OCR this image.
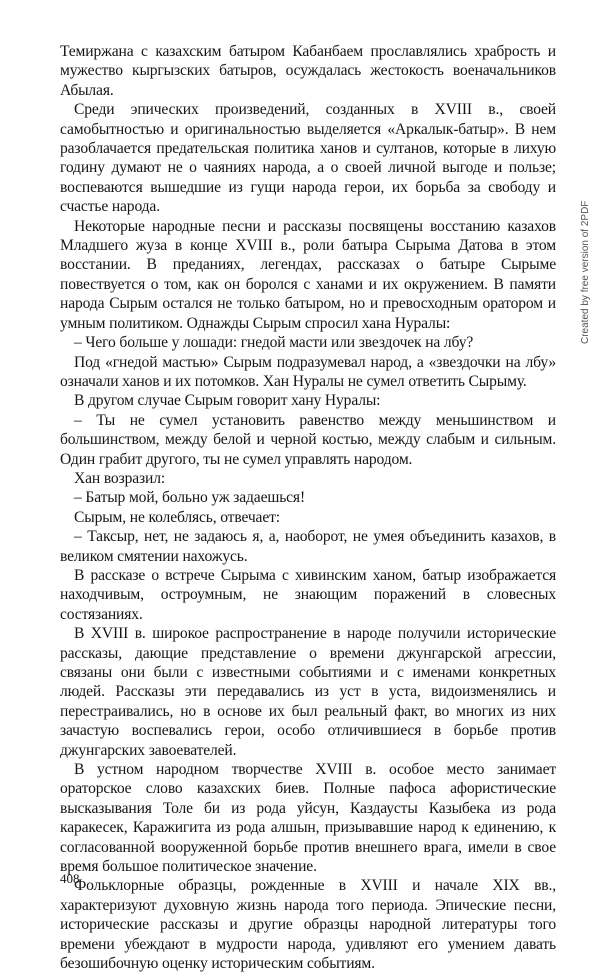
Темиржана с казахским батыром Кабанбаем прославлялись храбрость и мужество кыргызских батыров, осуждалась жестокость военачальников Абылая.

Среди эпических произведений, созданных в XVIII в., своей самобытностью и оригинальностью выделяется «Аркалык-батыр». В нем разоблачается предательская политика ханов и султанов, которые в лихую годину думают не о чаяниях народа, а о своей личной выгоде и пользе; воспеваются вышедшие из гущи народа герои, их борьба за свободу и счастье народа.

Некоторые народные песни и рассказы посвящены восстанию казахов Младшего жуза в конце XVIII в., роли батыра Сырыма Датова в этом восстании. В преданиях, легендах, рассказах о батыре Сырыме повествуется о том, как он боролся с ханами и их окружением. В памяти народа Сырым остался не только батыром, но и превосходным оратором и умным политиком. Однажды Сырым спросил хана Нуралы:

– Чего больше у лошади: гнедой масти или звездочек на лбу?

Под «гнедой мастью» Сырым подразумевал народ, а «звездочки на лбу» означали ханов и их потомков. Хан Нуралы не сумел ответить Сырыму.

В другом случае Сырым говорит хану Нуралы:

– Ты не сумел установить равенство между меньшинством и большинством, между белой и черной костью, между слабым и сильным. Один грабит другого, ты не сумел управлять народом.

Хан возразил:

– Батыр мой, больно уж задаешься!

Сырым, не колеблясь, отвечает:

– Таксыр, нет, не задаюсь я, а, наоборот, не умея объединить казахов, в великом смятении нахожусь.

В рассказе о встрече Сырыма с хивинским ханом, батыр изображается находчивым, остроумным, не знающим поражений в словесных состязаниях.

В XVIII в. широкое распространение в народе получили исторические рассказы, дающие представление о времени джунгарской агрессии, связаны они были с известными событиями и с именами конкретных людей. Рассказы эти передавались из уст в уста, видоизменялись и перестраивались, но в основе их был реальный факт, во многих из них зачастую воспевались герои, особо отличившиеся в борьбе против джунгарских завоевателей.

В устном народном творчестве XVIII в. особое место занимает ораторское слово казахских биев. Полные пафоса афористические высказывания Толе би из рода уйсун, Каздаусты Казыбека из рода каракесек, Каражигита из рода алшын, призывавшие народ к единению, к согласованной вооруженной борьбе против внешнего врага, имели в свое время большое политическое значение.

Фольклорные образцы, рожденные в XVIII и начале XIX вв., характеризуют духовную жизнь народа того периода. Эпические песни, исторические рассказы и другие образцы народной литературы того времени убеждают в мудрости народа, удивляют его умением давать безошибочную оценку историческим событиям.

408
Created by free version of 2PDF
